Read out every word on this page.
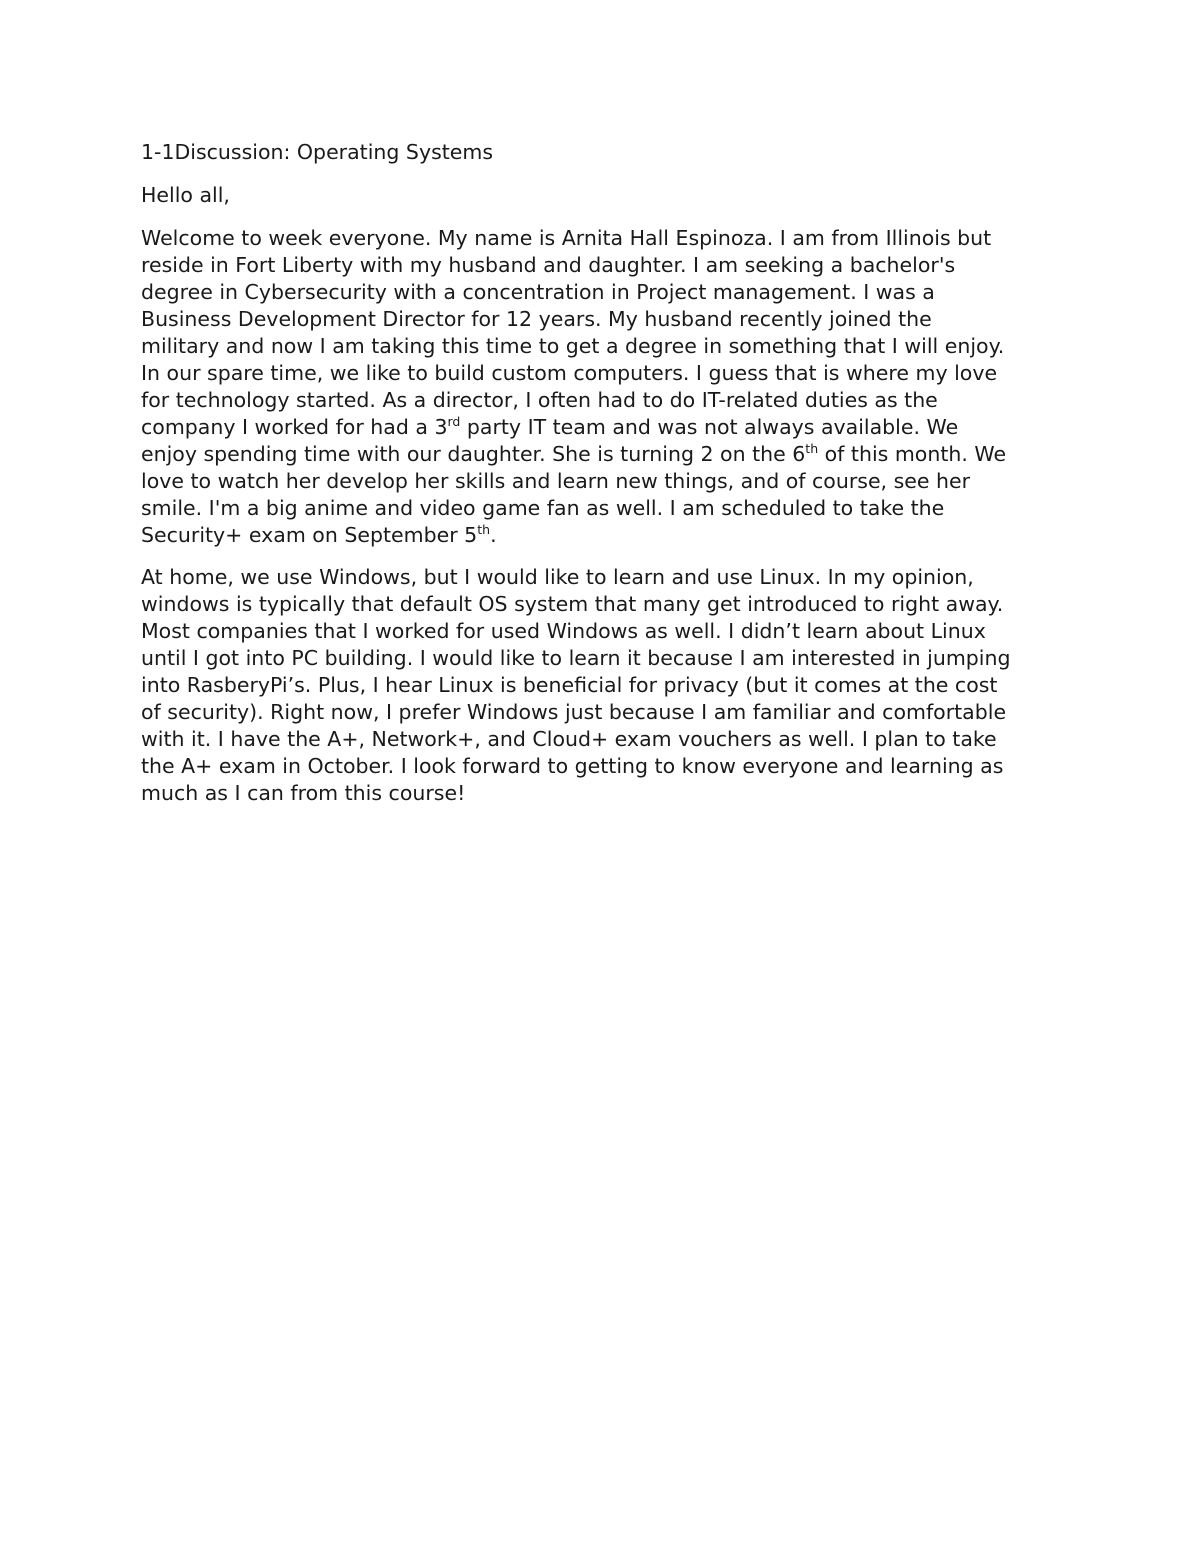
1-1Discussion: Operating Systems

Hello all,

Welcome to week everyone. My name is Arnita Hall Espinoza. I am from Illinois but
reside in Fort Liberty with my husband and daughter. I am seeking a bachelor's
degree in Cybersecurity with a concentration in Project management. I was a
Business Development Director for 12 years. My husband recently joined the
military and now I am taking this time to get a degree in something that I will enjoy.
In our spare time, we like to build custom computers. I guess that is where my love
for technology started. As a director, I often had to do IT-related duties as the
company I worked for had a 3rd party IT team and was not always available. We
enjoy spending time with our daughter. She is turning 2 on the 6th of this month. We
love to watch her develop her skills and learn new things, and of course, see her
smile. I'm a big anime and video game fan as well. I am scheduled to take the
Security+ exam on September 5th.

At home, we use Windows, but I would like to learn and use Linux. In my opinion,
windows is typically that default OS system that many get introduced to right away.
Most companies that I worked for used Windows as well. I didn’t learn about Linux
until I got into PC building. I would like to learn it because I am interested in jumping
into RasberyPi’s. Plus, I hear Linux is beneficial for privacy (but it comes at the cost
of security). Right now, I prefer Windows just because I am familiar and comfortable
with it. I have the A+, Network+, and Cloud+ exam vouchers as well. I plan to take
the A+ exam in October. I look forward to getting to know everyone and learning as
much as I can from this course!
